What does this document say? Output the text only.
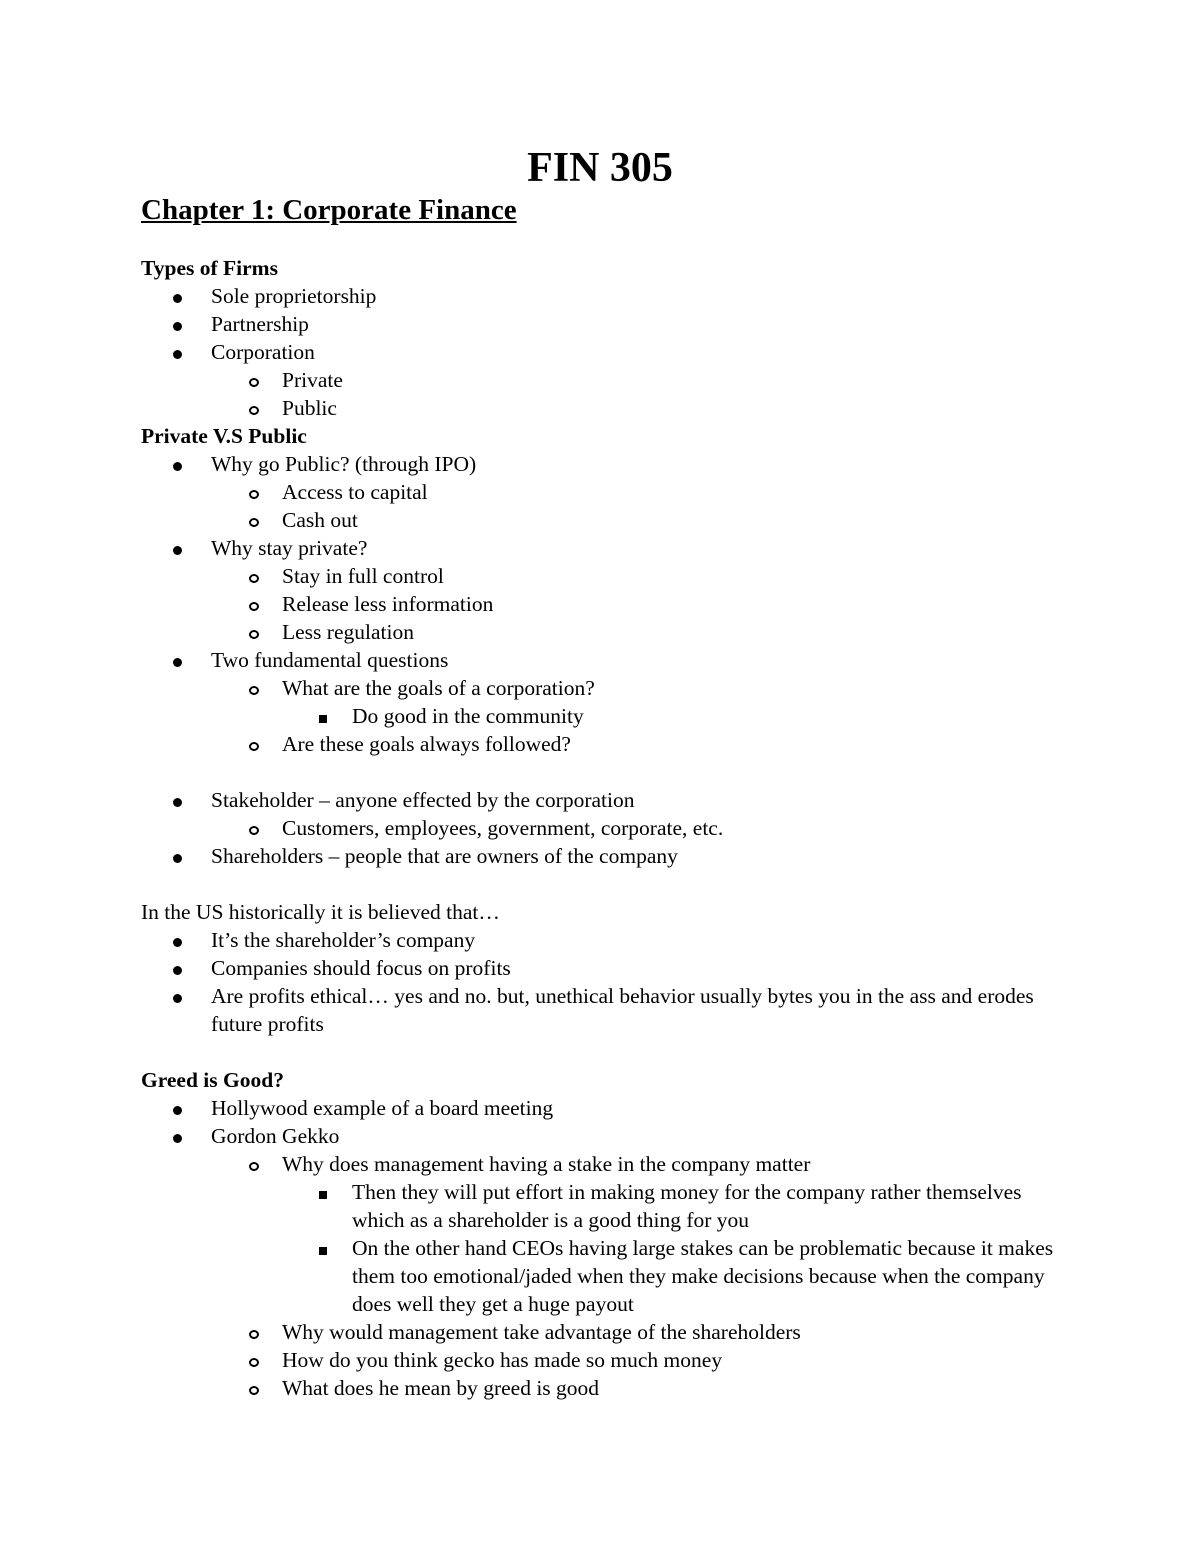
FIN 305
Chapter 1: Corporate Finance
Types of Firms
Sole proprietorship
Partnership
Corporation
Private
Public
Private V.S Public
Why go Public? (through IPO)
Access to capital
Cash out
Why stay private?
Stay in full control
Release less information
Less regulation
Two fundamental questions
What are the goals of a corporation?
Do good in the community
Are these goals always followed?
Stakeholder – anyone effected by the corporation
Customers, employees, government, corporate, etc.
Shareholders – people that are owners of the company
In the US historically it is believed that…
It’s the shareholder’s company
Companies should focus on profits
Are profits ethical… yes and no. but, unethical behavior usually bytes you in the ass and erodes future profits
Greed is Good?
Hollywood example of a board meeting
Gordon Gekko
Why does management having a stake in the company matter
Then they will put effort in making money for the company rather themselves which as a shareholder is a good thing for you
On the other hand CEOs having large stakes can be problematic because it makes them too emotional/jaded when they make decisions because when the company does well they get a huge payout
Why would management take advantage of the shareholders
How do you think gecko has made so much money
What does he mean by greed is good
